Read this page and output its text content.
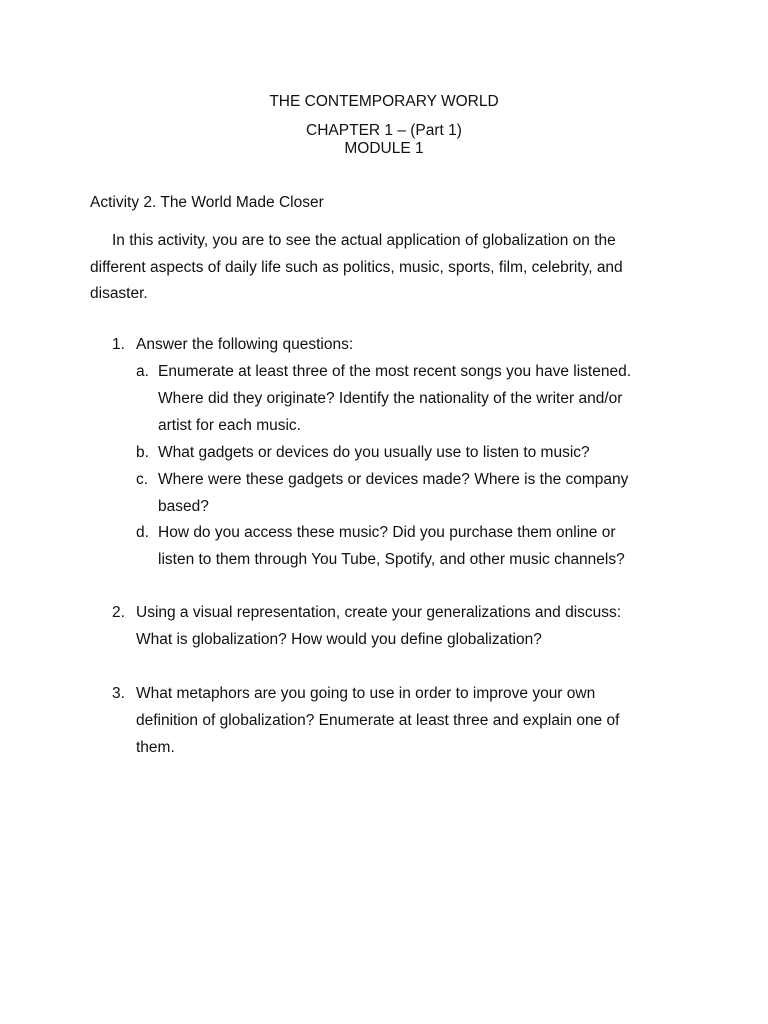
THE CONTEMPORARY WORLD
CHAPTER 1 – (Part 1)
MODULE 1
Activity 2. The World Made Closer
In this activity, you are to see the actual application of globalization on the
different aspects of daily life such as politics, music, sports, film, celebrity, and
disaster.
1. Answer the following questions:
a. Enumerate at least three of the most recent songs you have listened.
Where did they originate? Identify the nationality of the writer and/or
artist for each music.
b. What gadgets or devices do you usually use to listen to music?
c. Where were these gadgets or devices made? Where is the company
based?
d. How do you access these music? Did you purchase them online or
listen to them through You Tube, Spotify, and other music channels?
2. Using a visual representation, create your generalizations and discuss:
What is globalization? How would you define globalization?
3. What metaphors are you going to use in order to improve your own
definition of globalization? Enumerate at least three and explain one of
them.
